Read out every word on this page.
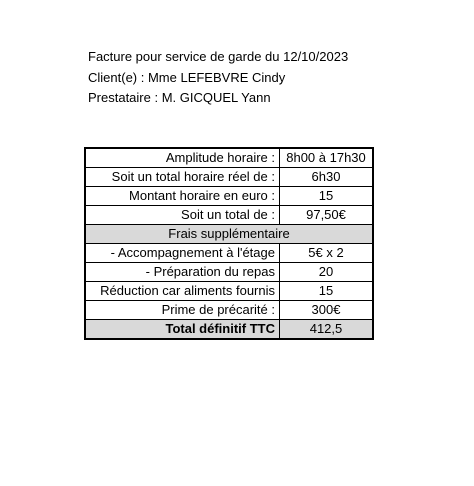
Facture pour service de garde du 12/10/2023
Client(e) : Mme LEFEBVRE Cindy
Prestataire : M. GICQUEL Yann
Amplitude horaire :	8h00 à 17h30
Soit un total horaire réel de :	6h30
Montant horaire en euro :	15
Soit un total de :	97,50€
Frais supplémentaire	
- Accompagnement à l'étage	5€ x 2
- Préparation du repas	20
Réduction car aliments fournis	15
Prime de précarité :	300€
Total définitif TTC	412,5
